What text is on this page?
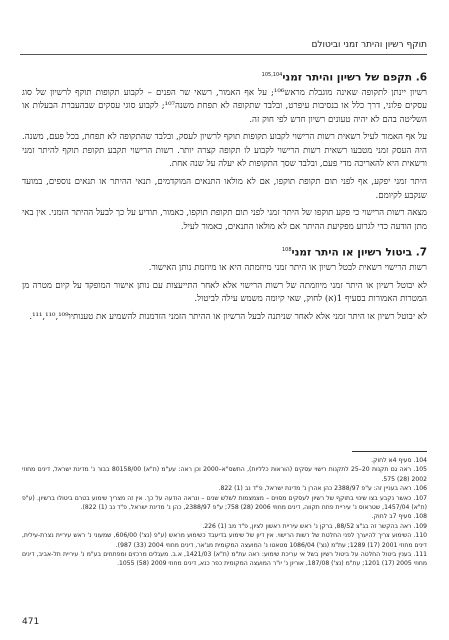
תוקף רשיון והיתר זמני וביטולם
6. תקפם של רשיון והיתר זמני$^{105,104}$

רשיון יינתן לתקופה שאינה מוגבלת מראש¹⁰⁶; על אף האמור, רשאי שר הפנים – לקבוע תקופות תוקף לרשיון של סוג עסקים פלוני, דרך כלל או בנסיבות עיפרט, ובלבד שתקופה לא תפחת משנה¹⁰⁷; לקבוע סוגי עסקים שבהעברת הבעלות או השליטה בהם לא יהיה טעונים רשיון חדש לפי חוק זה.

על אף האמור לעיל רשאית רשות הרישוי לקבוע תקופות תוקף לרשיון לעסק, ובלבד שהתקופה לא תפחת, בכל פעם, משנה. היה העסק זמני מטבעו רשאית רשות הרישוי לקבוע לו תקופה קצרה יותר. רשות הרישוי תקבע תקופת תוקף להיתר זמני ורשאית היא להאריכה מדי פעם, ובלבד שסך התקופות לא יעלה על שנה אחת.

היתר זמני יפקע, אף לפני תום תקופת תוקפו, אם לא מולאו התנאים המוקדמים, תנאי ההיתר או תנאים נוספים, במועד שנקבע לקיומם.

מצאה רשות הרישוי כי פקע תוקפו של היתר זמני לפני תום תקופת תוקפו, כאמור, תודיע על כך לבעל ההיתר הזמני. אין באי מתן הודעה כדי לגרוע מפקיעת ההיתר אם לא מולאו התנאים, כאמור לעיל.

7. ביטול רשיון או היתר זמני$^{108}$

רשות הרישוי רשאית לבטל רשיון או היתר זמני מיוזמתה היא או מיוזמת נותן האישור.

לא יבוטל רשיון או היתר זמני מיוזמתה של רשות הרישוי אלא לאחר התייעצות עם נותן אישור המופקד על קיום מטרה מן המטרות האמורות בסעיף 1(א) לחוק, שאי קיומה משמש עילה לביטול.

לא יבוטל רשיון או היתר זמני אלא לאחר שניתנה לבעל הרשיון או ההיתר הזמני הזדמנות להשמיע את טענותיו¹¹¹,¹¹⁰,¹⁰⁹.

104. סעיף 4א לחוק.

105. ראה גם תקנות 20–25 לתקנות רישוי עסקים (הוראות כלליות), התשס"א–2000 וכן ראה: עע"מ (ת"א) 80158/00 בבור נ' מדינת ישראל, דינים מחוזי 2002 (28) 575.

106. ראה בעניין זה: ע"פ 2388/97 כהן אהרן נ' מדינת ישראל, פ"ד נב (1) 822.

107. כאשר נקבע בצו שינוי בתוקף של רשיון לעסקים מסוים – מצמצמות לשלש שנים – ונראה הודעה על כך. אין זה מצריך שימוע בטרם ביטולו ברשיון. (ע"פ (ת"א) 1457/04, שטראוס נ' עיריית פתח תקווה, דינים מחוזי 2006 (28) 758; ע"פ 2388/97, כהן נ' מדינת ישראל, פ"ד נב (1) 822).

108. סעיף 7ב לחוק.

109. ראה בהקשר זה בג"צ 88/52, ברקן נ' ראש עיריית ראשון לציון, פ"ד מב (1) 226.

110. השימוע צריך להיערך לפני החלטת של רשות הרישוי. אין דיון של שימוע בדיעבד כשימוע מראש (ע"פ (נצ') 606/00, שמעוני נ' ראש עיריית נצרת-עילית, דינים מחוזי 2001 (17) 1289; עת"מ (נצ') 1086/04 מטאטו נ' המועצה המקומית מג'אר, דינים מחוזי 2004 (33) 987).

111. בענין ביטול החלטה על ביטול רשיון בשל אי עריכת שימוע: ראה עת"מ (ת"א) 1421/03, א.ב. מעגלים מרכזים ומפתחים בע"מ נ' עיריית תל-אביב, דינים מחוזי 2005 (17) 1201; עת"מ (נצ') 187/08, אוריון נ' יו"ר המועצה המקומית כפר כנא, דינים מחוזי 2009 (58) 1055.

471
